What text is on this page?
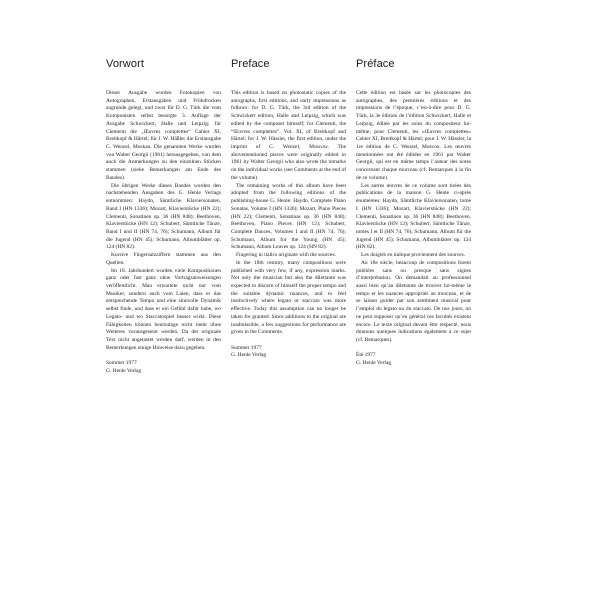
Vorwort

Dieser Ausgabe wurden Fotokopien von Autographen, Erstausgaben und Frühdrucken zugrunde gelegt, und zwar für D. G. Türk die vom Komponisten selbst besorgte 3. Auflage der Ausgabe Schwickert, Halle und Leipzig; für Clementi die „Œuvres complettes“ Cahier XI, Breitkopf & Härtel; für J. W. Häßler die Erstausgabe C. Wenzel, Moskau. Die genannten Werke wurden von Walter Georgii (1961) herausgegeben, von dem auch die Anmerkungen zu den einzelnen Stücken stammen (siehe Bemerkungen am Ende des Bandes).

Die übrigen Werke dieses Bandes wurden den nachstehenden Ausgaben des G. Henle Verlags entnommen: Haydn, Sämtliche Klaviersonaten, Band I (HN 1336); Mozart, Klavierstücke (HN 22); Clementi, Sonatinen op. 36 (HN 848); Beethoven, Klavierstücke (HN 12); Schubert, Sämtliche Tänze, Band I und II (HN 74, 76); Schumann, Album für die Jugend (HN 45); Schumann, Albumblätter op. 124 (HN 82).

Kursive Fingersatzziffern stammen aus den Quellen.

Im 18. Jahrhundert wurden viele Kompositionen ganz oder fast ganz ohne Vortragsanweisungen veröffentlicht. Man erwartete nicht nur vom Musiker, sondern auch vom Laien, dass er das entsprechende Tempo und eine sinnvolle Dynamik selbst finde, und dass er ein Gefühl dafür habe, wo Legato- und wo Staccatospiel besser wirkt. Diese Fähigkeiten können heutzutage nicht mehr ohne Weiteres vorausgesetzt werden. Da der originale Text nicht angetastet werden darf, werden in den Bemerkungen einige Hinweise dazu gegeben.

Sommer 1977
G. Henle Verlag
Preface

This edition is based on photostatic copies of the autographs, first editions, and early impressions as follows: for D. G. Türk, the 3rd edition of the Schwickert edition, Halle and Leipzig, which was edited by the composer himself; for Clementi, the “Œuvres complettes”. Vol. XI, of Breitkopf and Härtel; for J. W. Hässler, the first edition, under the imprint of C. Wenzel, Moscow. The abovementioned pieces were originally edited in 1961 by Walter Georgii who also wrote the remarks on the individual works (see Comments at the end of the volume).

The remaining works of this album have been adopted from the following editions of the publishing-house G. Henle: Haydn, Complete Piano Sonatas, Volume I (HN 1336); Mozart, Piano Pieces (HN 22); Clementi, Sonatinas op. 36 (HN 848); Beethoven, Piano Pieces (HN 12); Schubert, Complete Dances, Volumes I and II (HN 74, 76); Schumann, Album for the Young (HN 45); Schumann, Album Leaves op. 124 (HN 82).

Fingering in italics originate with the sources.

In the 18th century, many compositions were published with very few, if any, expression marks. Not only the musician but also the dilettante was expected to discern of himself the proper tempo and the suitable dynamic nuances, and to feel instinctively where legato or staccato was more effective. Today this assumption can no longer be taken for granted. Since additions to the original are inadmissible, a few suggestions for performance are given in the Comments.

Summer 1977
G. Henle Verlag
Préface

Cette édition est basée sur les photocopies des autographes, des premières éditions et des impressions de l’époque, c’est-à-dire pour D. G. Türk, la 3e édition de l’édition Schwickert, Halle et Leipzig, éditée par les soins du compositeur lui-même; pour Clementi, les «Œuvres complettes» Cahier XI, Breitkopf & Härtel; pour J. W. Hässler, la 1re édition de C. Wenzel, Moscou. Les œuvres mentionnées ont été éditées en 1961 par Walter Georgii, qui est en même temps l’auteur des notes concernant chaque morceau (cf. Remarques à la fin de ce volume).

Les autres œuvres de ce volume sont tirées des publications de la maison G. Henle ci-après énumérées: Haydn, Sämtliche Klaviersonaten, tome I (HN 1336); Mozart, Klavierstücke (HN 22); Clementi, Sonatinen op. 36 (HN 848); Beethoven, Klavierstücke (HN 12); Schubert, Sämtliche Tänze, tomes I et II (HN 74, 76); Schumann, Album für die Jugend (HN 45); Schumann, Albumblätter op. 124 (HN 82).

Les doigtés en italique proviennent des sources.

Au 18e siècle, beaucoup de compositions furent publiées sans ou presque sans signes d’interprétation. On demandait au professionnel aussi bien qu’au dilettante de trouver lui-même le tempo et les nuances appropriés au morceau, et de se laisser guider par son sentiment musical pour l’emploi du legato ou du staccato. De nos jours, on ne peut supposer qu’en général ces facultés existent encore. Le texte original devant être respecté, nous donnons quelques indications également à ce sujet (cf. Remarques).

Été 1977
G. Henle Verlag
